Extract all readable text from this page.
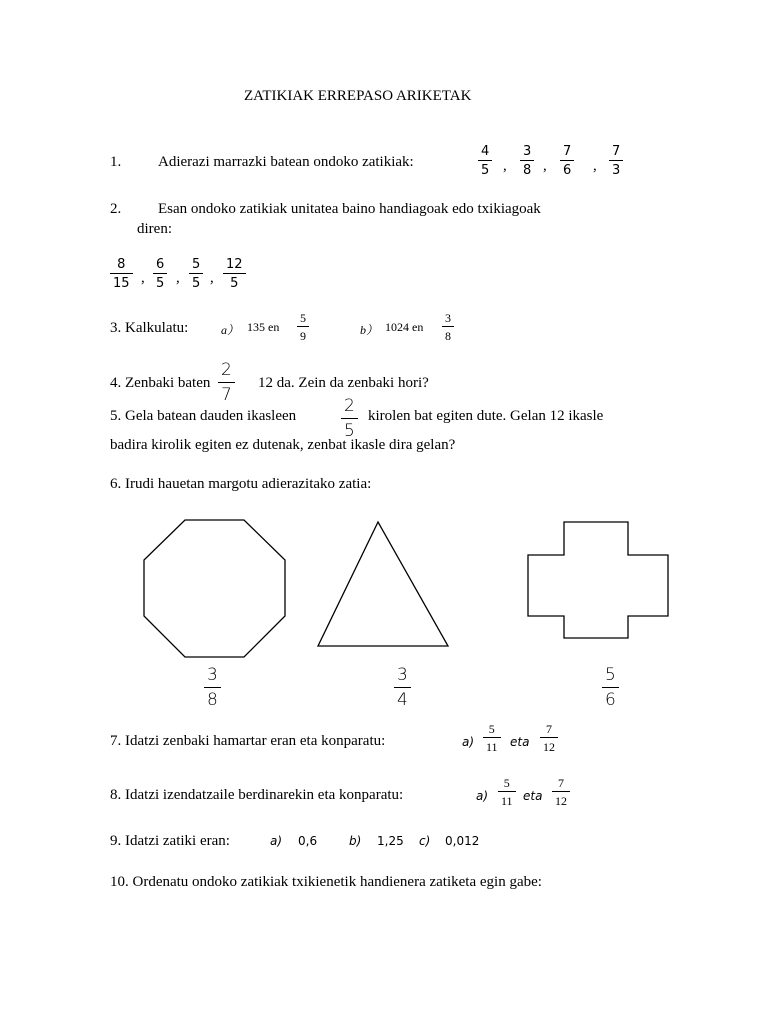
ZATIKIAK ERREPASO ARIKETAK
1. Adierazi marrazki batean ondoko zatikiak:
4
5 ,
3
8 ,
7
6 ,
7
3
2. Esan ondoko zatikiak unitatea baino handiagoak edo txikiagoak
diren:
8
15 ,
6
5 ,
5
5 ,
12
5
3. Kalkulatu:	a） 135 en
5
9	b） 1024 en
3
8
4. Zenbaki baten
2
7
12 da. Zein da zenbaki hori?
5. Gela batean dauden ikasleen	2
5
kirolen bat egiten dute. Gelan 12 ikasle
badira kirolik egiten ez dutenak, zenbat ikasle dira gelan?
6. Irudi hauetan margotu adierazitako zatia:
3
8
3
4
5
6
7. Idatzi zenbaki hamartar eran eta konparatu:	a)
5
11 eta
7
12
8. Idatzi izendatzaile berdinarekin eta konparatu:	a)
5
11 eta
7
12
9. Idatzi zatiki eran:	a) 0,6	b) 1,25 c) 0,012
10. Ordenatu ondoko zatikiak txikienetik handienera zatiketa egin gabe:
